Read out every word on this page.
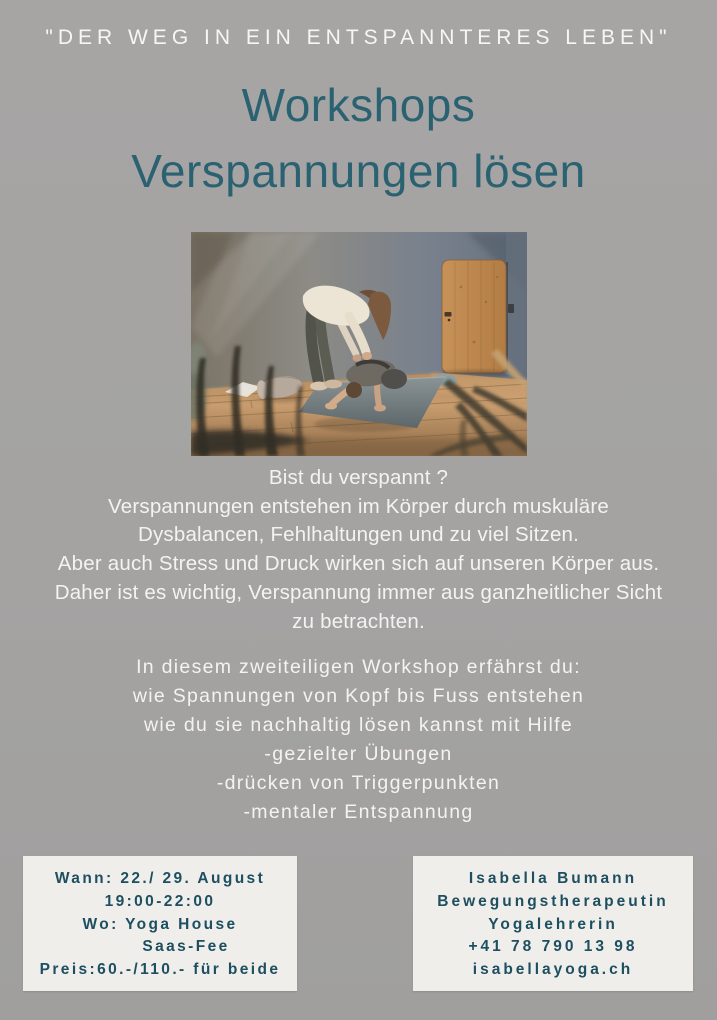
"DER WEG IN EIN ENTSPANNTERES LEBEN"
Workshops
Verspannungen lösen
Bist du verspannt ?
Verspannungen entstehen im Körper durch muskuläre
Dysbalancen, Fehlhaltungen und zu viel Sitzen.
Aber auch Stress und Druck wirken sich auf unseren Körper aus.
Daher ist es wichtig, Verspannung immer aus ganzheitlicher Sicht
zu betrachten.
In diesem zweiteiligen Workshop erfährst du:
wie Spannungen von Kopf bis Fuss entstehen
wie du sie nachhaltig lösen kannst mit Hilfe
-gezielter Übungen
-drücken von Triggerpunkten
-mentaler Entspannung
Wann: 22./ 29. August
19:00-22:00
Wo: Yoga House
Saas-Fee
Preis:60.-/110.- für beide
Isabella Bumann
Bewegungstherapeutin
Yogalehrerin
+41 78 790 13 98
isabellayoga.ch
